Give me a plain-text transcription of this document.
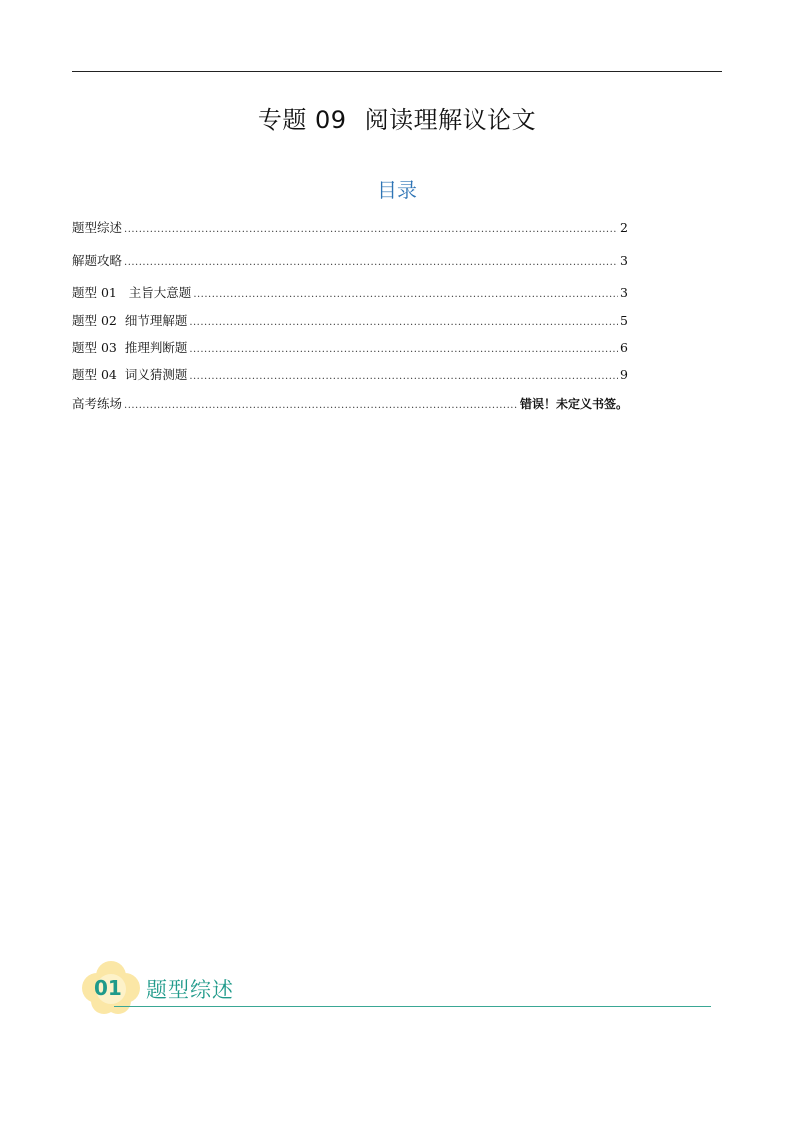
专题 09 阅读理解议论文
目录
题型综述 .....	2
解题攻略 .....	3
题型 01   主旨大意题 .....	3
题型 02  细节理解题 .....	5
题型 03  推理判断题 .....	6
题型 04  词义猜测题 .....	9
高考练场 .....	错误！未定义书签。
01 题型综述
